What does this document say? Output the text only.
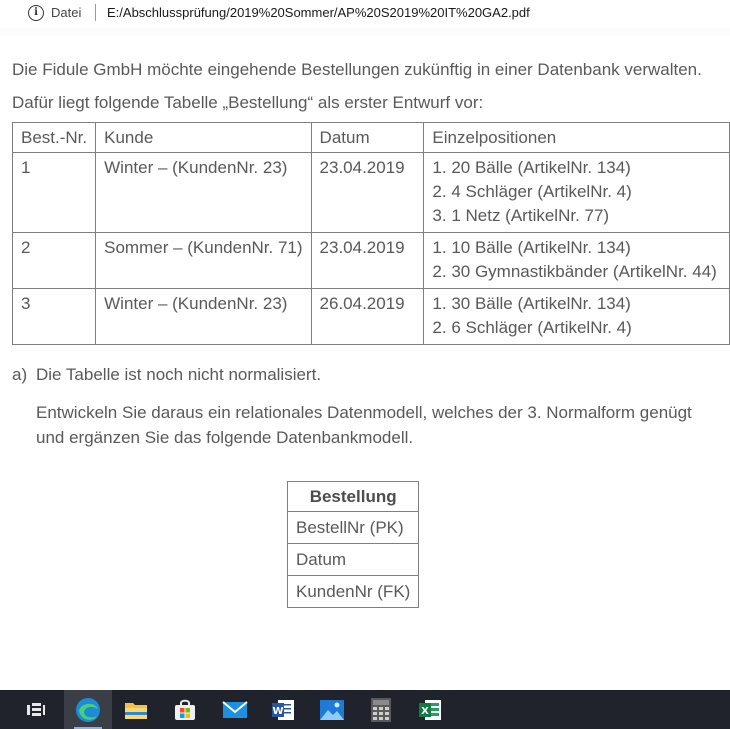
i	Datei E:/Abschlussprüfung/2019%20Sommer/AP%20S2019%20IT%20GA2.pdf
Die Fidule GmbH möchte eingehende Bestellungen zukünftig in einer Datenbank verwalten.
Dafür liegt folgende Tabelle „Bestellung“ als erster Entwurf vor:
Best.-Nr.	Kunde	Datum	Einzelpositionen
1	Winter – (KundenNr. 23)	23.04.2019	1. 20 Bälle (ArtikelNr. 134)
2. 4 Schläger (ArtikelNr. 4)
3. 1 Netz (ArtikelNr. 77)

2	Sommer – (KundenNr. 71)	23.04.2019	1. 10 Bälle (ArtikelNr. 134)
2. 30 Gymnastikbänder (ArtikelNr. 44)

3	Winter – (KundenNr. 23)	26.04.2019	1. 30 Bälle (ArtikelNr. 134)
2. 6 Schläger (ArtikelNr. 4)
a) Die Tabelle ist noch nicht normalisiert.
Entwickeln Sie daraus ein relationales Datenmodell, welches der 3. Normalform genügt
und ergänzen Sie das folgende Datenbankmodell.
Bestellung
BestellNr (PK)
Datum
KundenNr (FK)
W	X
